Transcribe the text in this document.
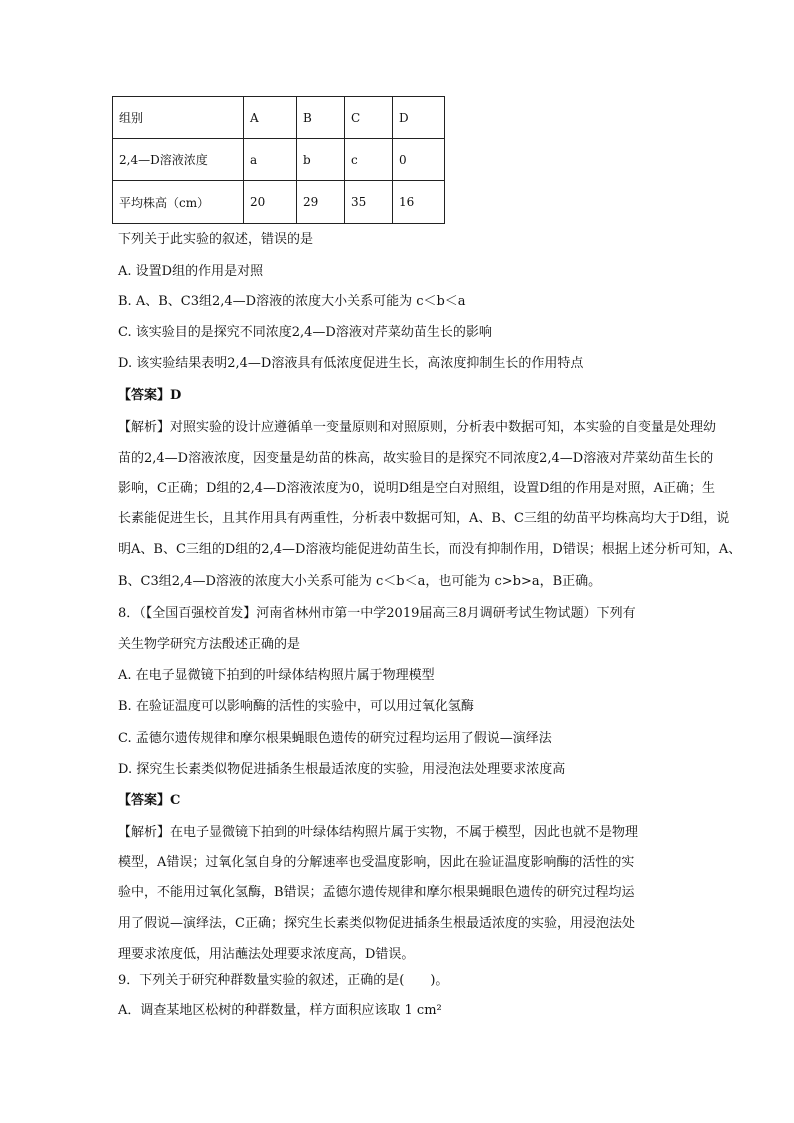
组别	A	B	C	D
2,4—D溶液浓度	a	b	c	0
平均株高（cm）	20	29	35	16
下列关于此实验的叙述，错误的是
A. 设置D组的作用是对照
B. A、B、C3组2,4—D溶液的浓度大小关系可能为 c＜b＜a
C. 该实验目的是探究不同浓度2,4—D溶液对芹菜幼苗生长的影响
D. 该实验结果表明2,4—D溶液具有低浓度促进生长，高浓度抑制生长的作用特点
【答案】D
【解析】对照实验的设计应遵循单一变量原则和对照原则，分析表中数据可知，本实验的自变量是处理幼
苗的2,4—D溶液浓度，因变量是幼苗的株高，故实验目的是探究不同浓度2,4—D溶液对芹菜幼苗生长的
影响，C正确；D组的2,4—D溶液浓度为0，说明D组是空白对照组，设置D组的作用是对照，A正确；生
长素能促进生长，且其作用具有两重性，分析表中数据可知，A、B、C三组的幼苗平均株高均大于D组，说
明A、B、C三组的D组的2,4—D溶液均能促进幼苗生长，而没有抑制作用，D错误；根据上述分析可知，A、
B、C3组2,4—D溶液的浓度大小关系可能为 c＜b＜a，也可能为 c>b>a，B正确。
8．（【全国百强校首发】河南省林州市第一中学2019届高三8月调研考试生物试题）下列有
关生物学研究方法酘述正确的是
A. 在电子显微镜下拍到的叶绿体结构照片属于物理模型
B. 在验证温度可以影响酶的活性的实验中，可以用过氧化氢酶
C. 孟德尔遗传规律和摩尔根果蝇眼色遗传的研究过程均运用了假说—演绎法
D. 探究生长素类似物促进插条生根最适浓度的实验，用浸泡法处理要求浓度高
【答案】C
【解析】在电子显微镜下拍到的叶绿体结构照片属于实物，不属于模型，因此也就不是物理
模型，A错误；过氧化氢自身的分解速率也受温度影响，因此在验证温度影响酶的活性的实
验中，不能用过氧化氢酶，B错误；孟德尔遗传规律和摩尔根果蝇眼色遗传的研究过程均运
用了假说—演绎法，C正确；探究生长素类似物促进插条生根最适浓度的实验，用浸泡法处
理要求浓度低，用沾蘸法处理要求浓度高，D错误。
9．下列关于研究种群数量实验的叙述，正确的是(　　)。
A．调查某地区松树的种群数量，样方面积应该取 1 cm²
